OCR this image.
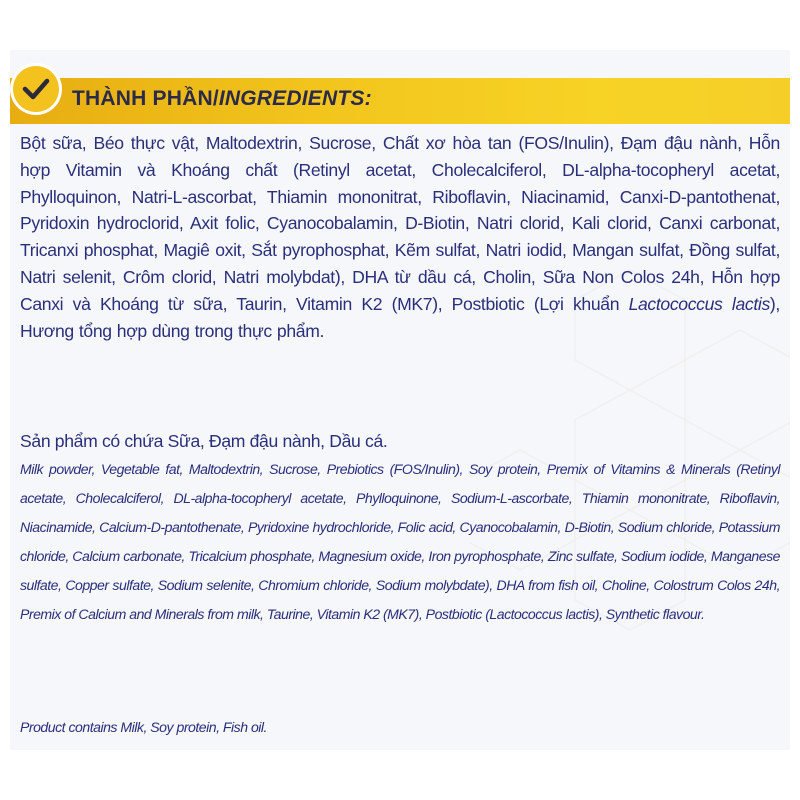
THÀNH PHẦN/INGREDIENTS:

Bột sữa, Béo thực vật, Maltodextrin, Sucrose, Chất xơ hòa tan (FOS/Inulin), Đạm đậu nành, Hỗn hợp Vitamin và Khoáng chất (Retinyl acetat, Cholecalciferol, DL-alpha-tocopheryl acetat, Phylloquinon, Natri-L-ascorbat, Thiamin mononitrat, Riboflavin, Niacinamid, Canxi-D-pantothenat, Pyridoxin hydroclorid, Axit folic, Cyanocobalamin, D-Biotin, Natri clorid, Kali clorid, Canxi carbonat, Tricanxi phosphat, Magiê oxit, Sắt pyrophosphat, Kẽm sulfat, Natri iodid, Mangan sulfat, Đồng sulfat, Natri selenit, Crôm clorid, Natri molybdat), DHA từ dầu cá, Cholin, Sữa Non Colos 24h, Hỗn hợp Canxi và Khoáng từ sữa, Taurin, Vitamin K2 (MK7), Postbiotic (Lợi khuẩn Lactococcus lactis), Hương tổng hợp dùng trong thực phẩm.

Sản phẩm có chứa Sữa, Đạm đậu nành, Dầu cá.

Milk powder, Vegetable fat, Maltodextrin, Sucrose, Prebiotics (FOS/Inulin), Soy protein, Premix of Vitamins & Minerals (Retinyl acetate, Cholecalciferol, DL-alpha-tocopheryl acetate, Phylloquinone, Sodium-L-ascorbate, Thiamin mononitrate, Riboflavin, Niacinamide, Calcium-D-pantothenate, Pyridoxine hydrochloride, Folic acid, Cyanocobalamin, D-Biotin, Sodium chloride, Potassium chloride, Calcium carbonate, Tricalcium phosphate, Magnesium oxide, Iron pyrophosphate, Zinc sulfate, Sodium iodide, Manganese sulfate, Copper sulfate, Sodium selenite, Chromium chloride, Sodium molybdate), DHA from fish oil, Choline, Colostrum Colos 24h, Premix of Calcium and Minerals from milk, Taurine, Vitamin K2 (MK7), Postbiotic (Lactococcus lactis), Synthetic flavour.

Product contains Milk, Soy protein, Fish oil.
